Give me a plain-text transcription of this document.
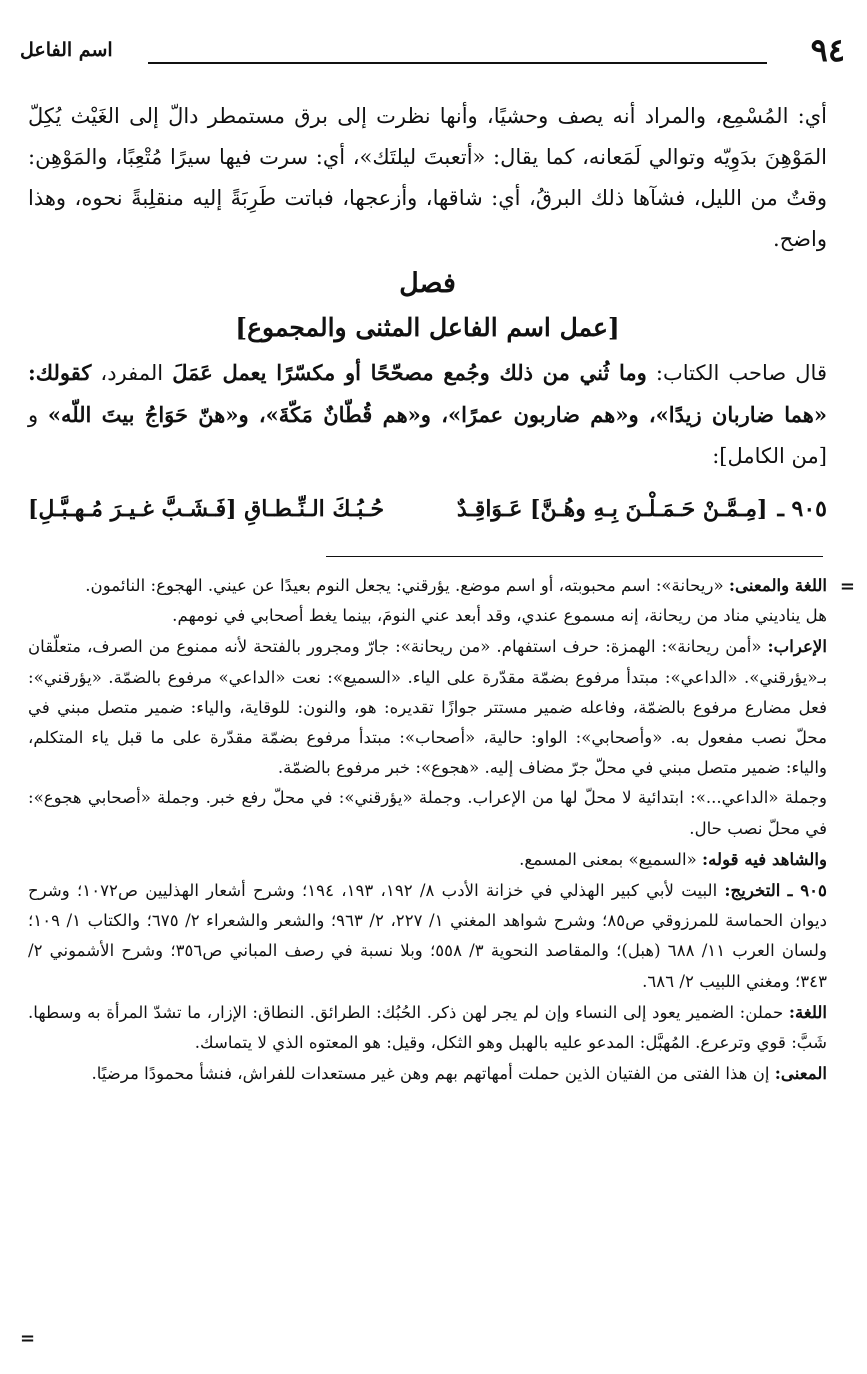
٩٤
اسم الفاعل

أي: المُسْمِع، والمراد أنه يصف وحشيًا، وأنها نظرت إلى برق مستمطر دالّ إلى الغَيْث يُكِلّ المَوْهِنَ بدَوِيّه وتوالي لَمَعانه، كما يقال: «أتعبتَ ليلتَك»، أي: سرت فيها سيرًا مُتْعِبًا، والمَوْهِن: وقتٌ من الليل، فشآها ذلك البرقُ، أي: شاقها، وأزعجها، فباتت طَرِبَةً إليه منقلِبةً نحوه، وهذا واضح.

فصل
[عمل اسم الفاعل المثنى والمجموع]

قال صاحب الكتاب: وما ثُني من ذلك وجُمع مصحّحًا أو مكسّرًا يعمل عَمَلَ المفرد، كقولك: «هما ضاربان زيدًا»، و«هم ضاربون عمرًا»، و«هم قُطّانٌ مَكّةَ»، و«هنّ حَوَاجُ بيتَ اللّه» و [من الكامل]:

٩٠٥ ـ
[مِـمَّـنْ حَـمَـلْـنَ بِـهِ وهُـنَّ] عَـوَاقِـدٌ
حُـبُـكَ الـنِّـطـاقِ [فَـشَـبَّ غـيـرَ مُـهـبَّـلِ]
=

اللغة والمعنى: «ريحانة»: اسم محبوبته، أو اسم موضع. يؤرقني: يجعل النوم بعيدًا عن عيني. الهجوع: النائمون.

هل يناديني مناد من ريحانة، إنه مسموع عندي، وقد أبعد عني النومَ، بينما يغط أصحابي في نومهم.

الإعراب: «أمن ريحانة»: الهمزة: حرف استفهام. «من ريحانة»: جارّ ومجرور بالفتحة لأنه ممنوع من الصرف، متعلّقان بـ«يؤرقني». «الداعي»: مبتدأ مرفوع بضمّة مقدّرة على الياء. «السميع»: نعت «الداعي» مرفوع بالضمّة. «يؤرقني»: فعل مضارع مرفوع بالضمّة، وفاعله ضمير مستتر جوازًا تقديره: هو، والنون: للوقاية، والياء: ضمير متصل مبني في محلّ نصب مفعول به. «وأصحابي»: الواو: حالية، «أصحاب»: مبتدأ مرفوع بضمّة مقدّرة على ما قبل ياء المتكلم، والياء: ضمير متصل مبني في محلّ جرّ مضاف إليه. «هجوع»: خبر مرفوع بالضمّة.

وجملة «الداعي...»: ابتدائية لا محلّ لها من الإعراب. وجملة «يؤرقني»: في محلّ رفع خبر. وجملة «أصحابي هجوع»: في محلّ نصب حال.

والشاهد فيه قوله: «السميع» بمعنى المسمع.

٩٠٥ ـ التخريج: البيت لأبي كبير الهذلي في خزانة الأدب ٨/ ١٩٢، ١٩٣، ١٩٤؛ وشرح أشعار الهذليين ص١٠٧٢؛ وشرح ديوان الحماسة للمرزوقي ص٨٥؛ وشرح شواهد المغني ١/ ٢٢٧، ٢/ ٩٦٣؛ والشعر والشعراء ٢/ ٦٧٥؛ والكتاب ١/ ١٠٩؛ ولسان العرب ١١/ ٦٨٨ (هبل)؛ والمقاصد النحوية ٣/ ٥٥٨؛ وبلا نسبة في رصف المباني ص٣٥٦؛ وشرح الأشموني ٢/ ٣٤٣؛ ومغني اللبيب ٢/ ٦٨٦.

اللغة: حملن: الضمير يعود إلى النساء وإن لم يجر لهن ذكر. الحُبُك: الطرائق. النطاق: الإزار، ما تشدّ المرأة به وسطها. شَبَّ: قوي وترعرع. المُهبَّل: المدعو عليه بالهبل وهو الثكل، وقيل: هو المعتوه الذي لا يتماسك.

المعنى: إن هذا الفتى من الفتيان الذين حملت أمهاتهم بهم وهن غير مستعدات للفراش، فنشأ محمودًا مرضيًا.

=
